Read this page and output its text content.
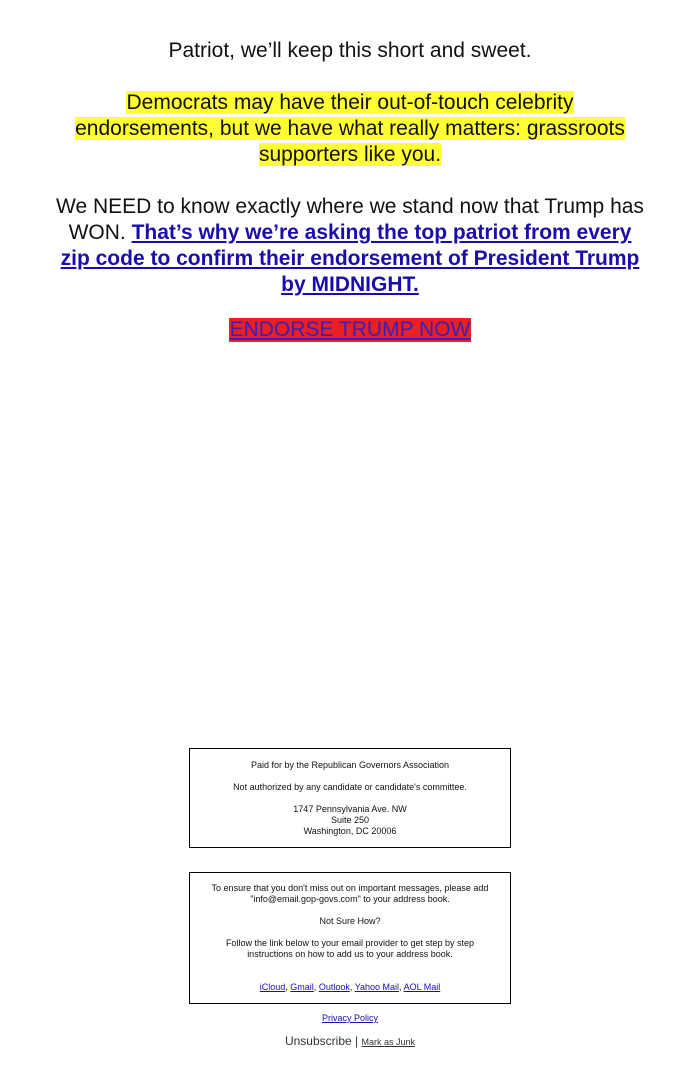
Patriot, we’ll keep this short and sweet.

Democrats may have their out-of-touch celebrity endorsements, but we have what really matters: grassroots supporters like you.

We NEED to know exactly where we stand now that Trump has WON. That’s why we’re asking the top patriot from every zip code to confirm their endorsement of President Trump by MIDNIGHT.

ENDORSE TRUMP NOW

Paid for by the Republican Governors Association

Not authorized by any candidate or candidate's committee.

1747 Pennsylvania Ave. NW

Suite 250

Washington, DC 20006

To ensure that you don't miss out on important messages, please add "info@email.gop-govs.com" to your address book.

Not Sure How?

Follow the link below to your email provider to get step by step instructions on how to add us to your address book.

iCloud, Gmail, Outlook, Yahoo Mail, AOL Mail

Privacy Policy
Unsubscribe | Mark as Junk
